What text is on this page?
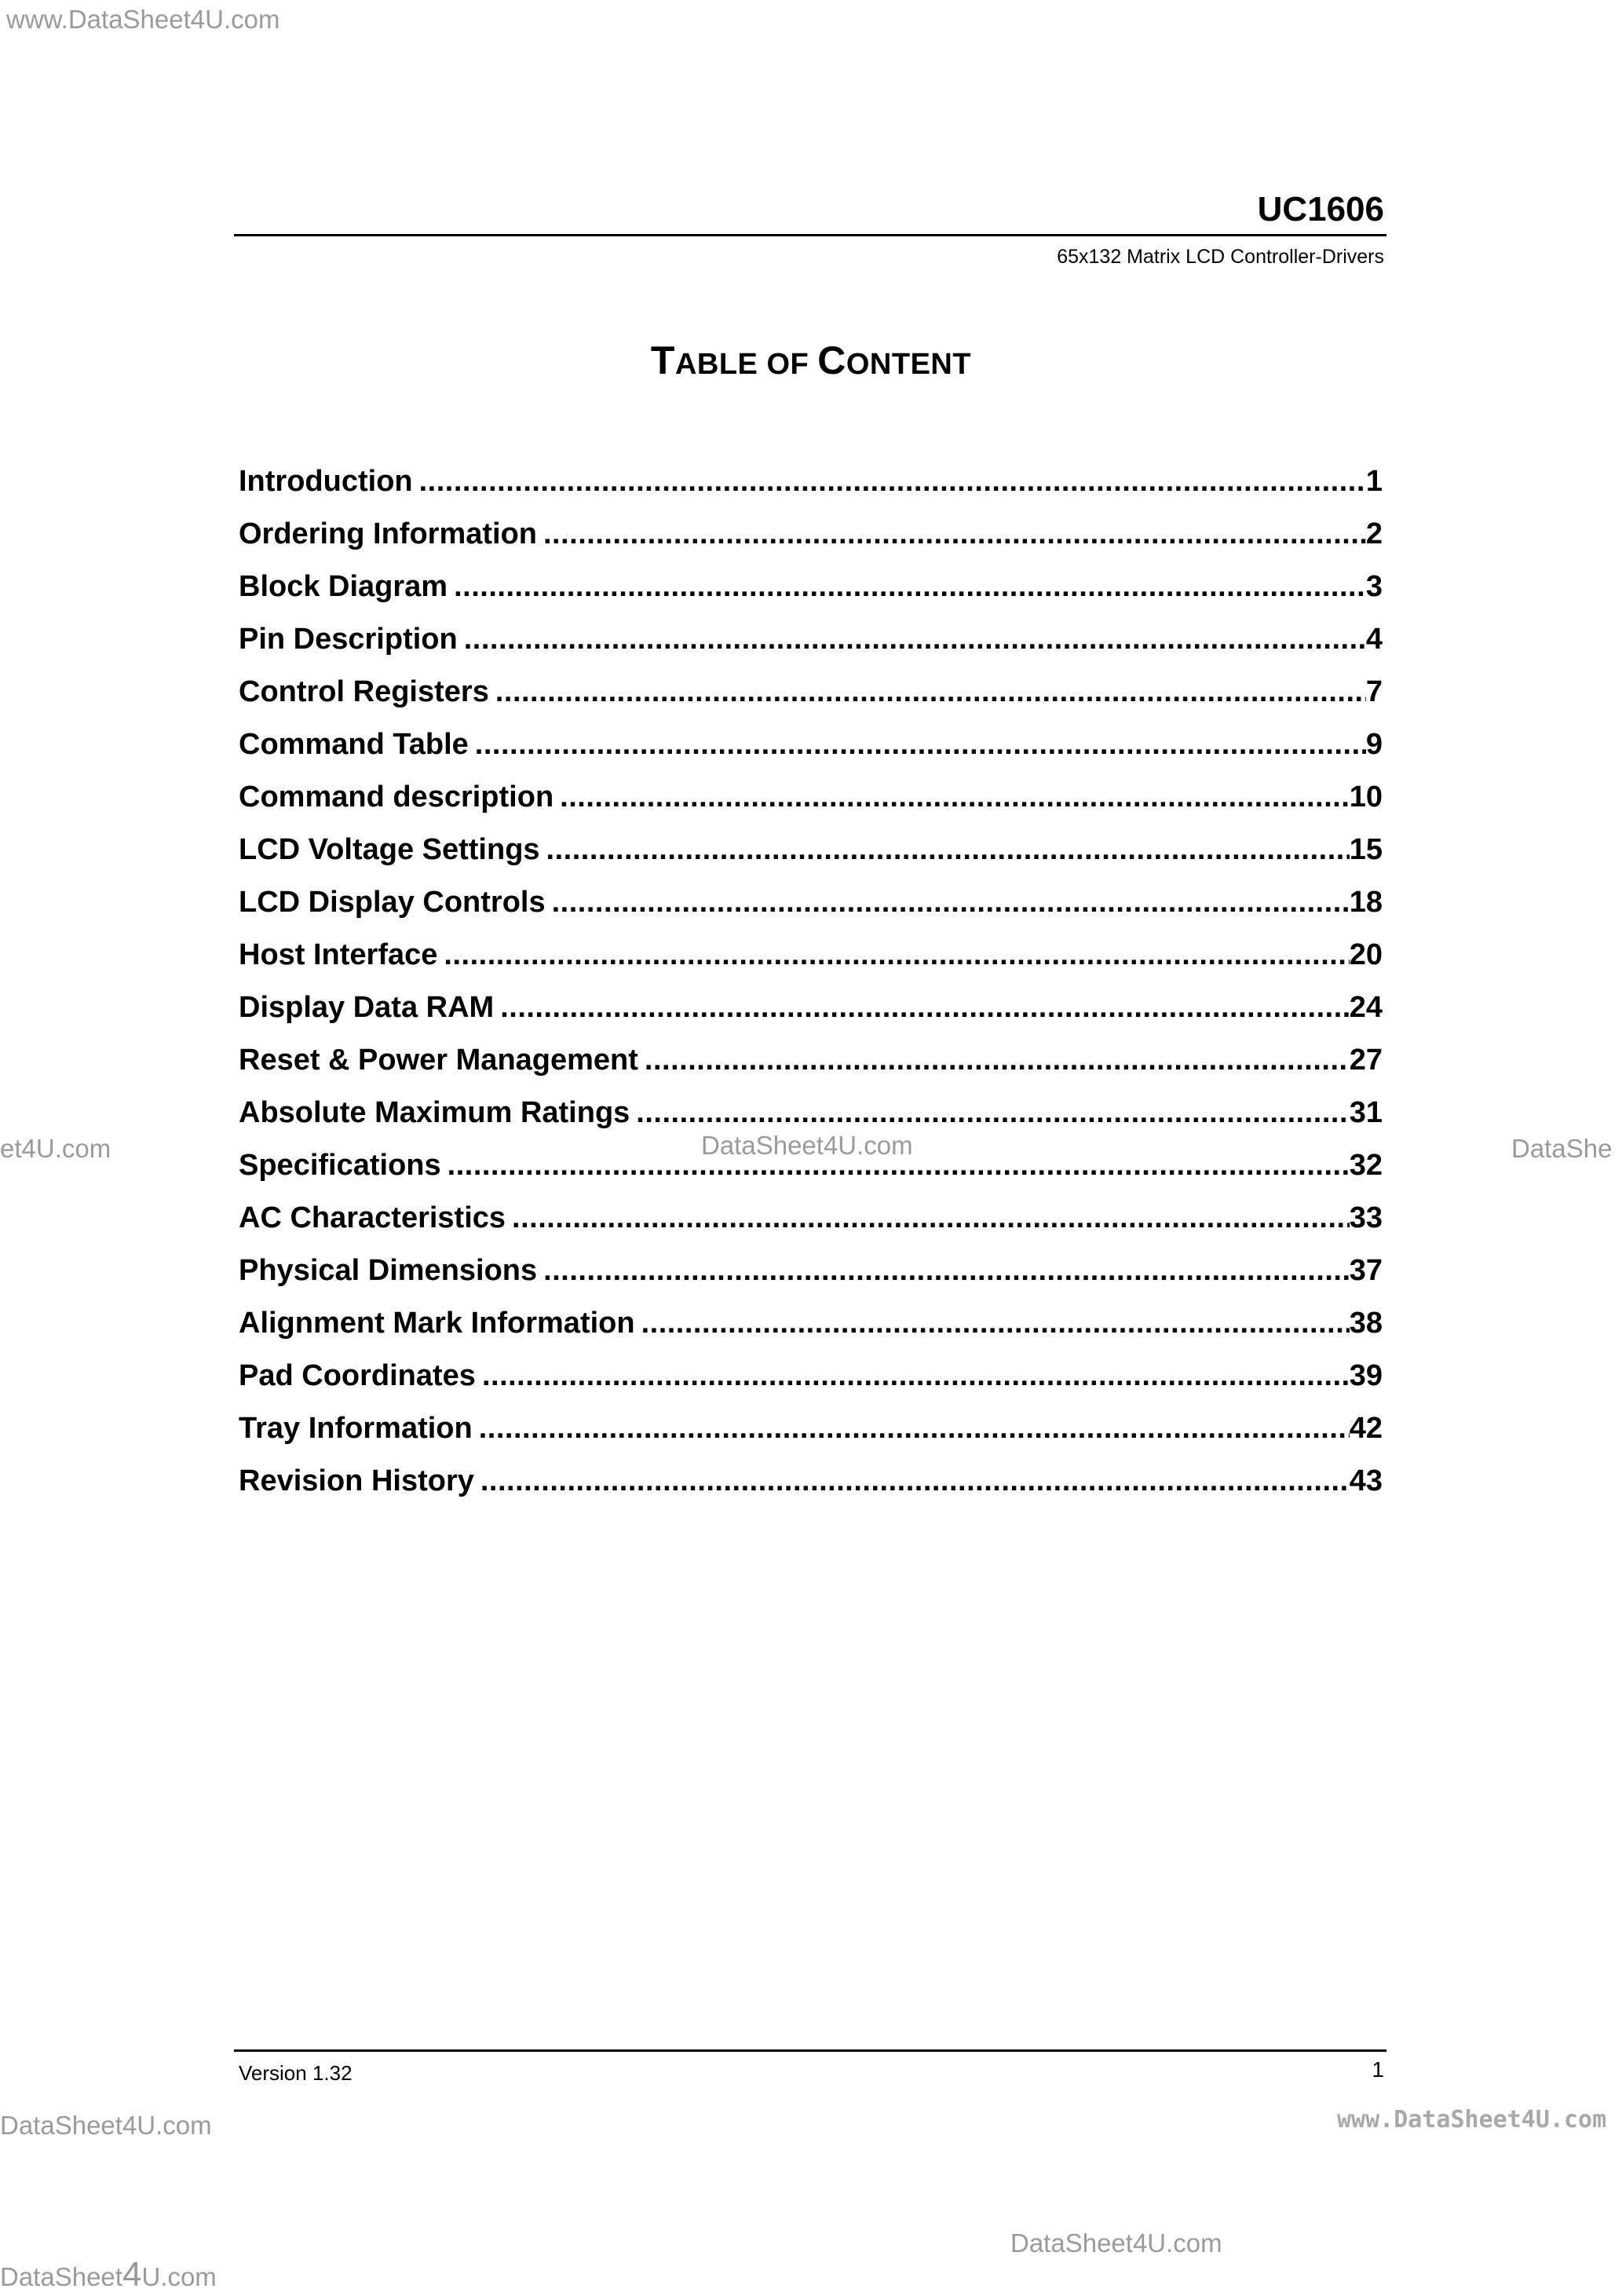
www.DataSheet4U.com
et4U.com	DataSheet4U.com	DataShe
DataSheet4U.com	www.DataSheet4U.com
DataSheet4U.com
DataSheet4U.com
UC1606
65x132 Matrix LCD Controller-Drivers
TABLE OF CONTENT
Introduction .....	1
Ordering Information .....	2
Block Diagram .....	3
Pin Description .....	4
Control Registers .....	7
Command Table .....	9
Command description .....	10
LCD Voltage Settings .....	15
LCD Display Controls .....	18
Host Interface .....	20
Display Data RAM .....	24
Reset & Power Management .....	27
Absolute Maximum Ratings .....	31
Specifications .....	32
AC Characteristics .....	33
Physical Dimensions .....	37
Alignment Mark Information .....	38
Pad Coordinates .....	39
Tray Information .....	42
Revision History .....	43
Version 1.32	1
